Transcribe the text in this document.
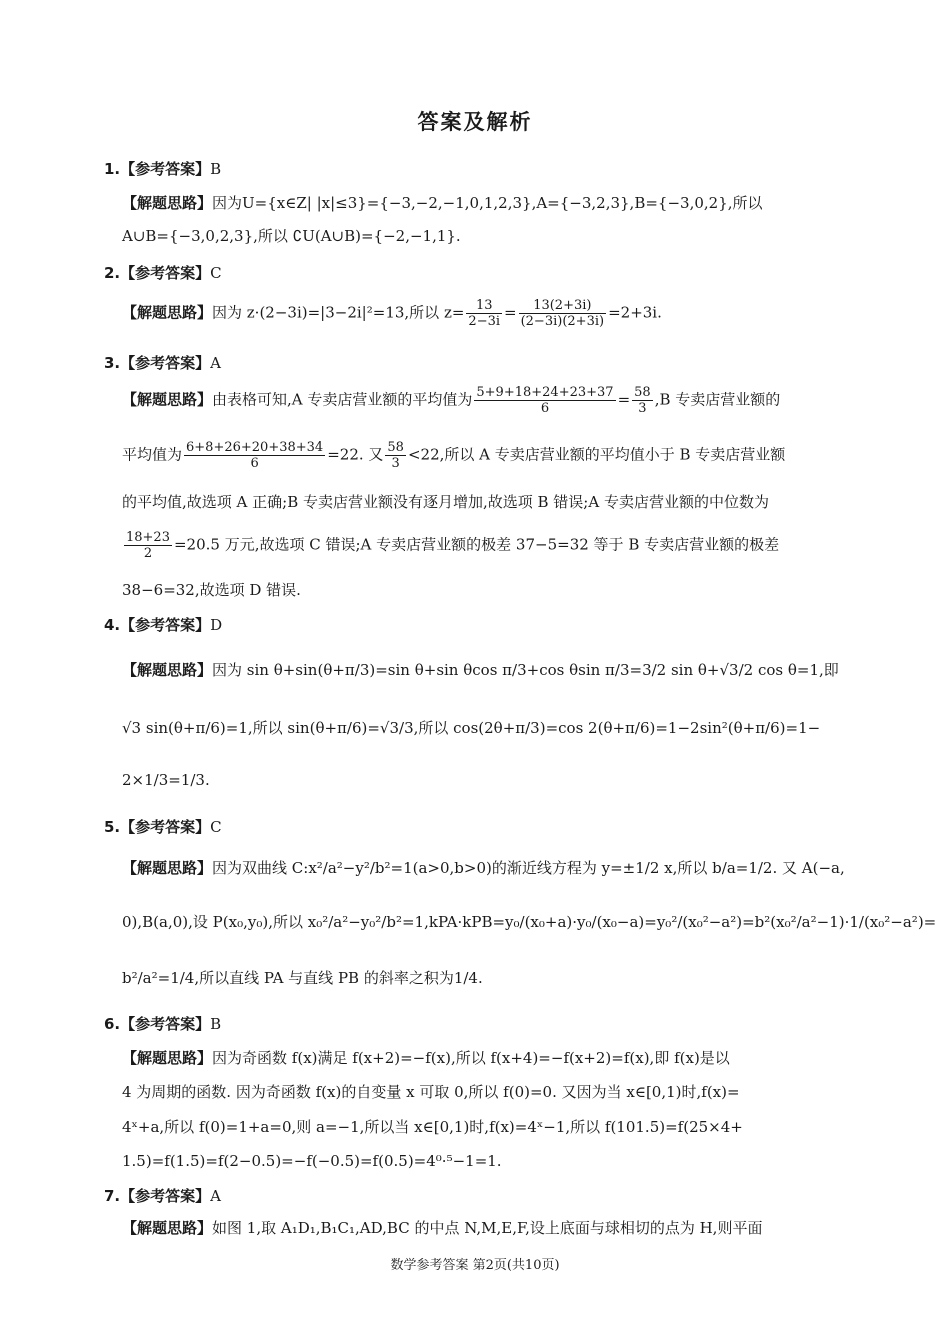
答案及解析
1.【参考答案】B
【解题思路】因为U={x∈Z| |x|≤3}={−3,−2,−1,0,1,2,3},A={−3,2,3},B={−3,0,2},所以
A∪B={−3,0,2,3},所以 ∁U(A∪B)={−2,−1,1}.
2.【参考答案】C
【解题思路】因为 z·(2−3i)=|3−2i|²=13,所以 $z= \frac{13}{2-3i} = \frac{13(2+3i)}{(2-3i)(2+3i)} =2+3i$.
3.【参考答案】A
【解题思路】由表格可知,A 专卖店营业额的平均值为 $\frac{5+9+18+24+23+37}{6} = \frac{58}{3} ,B$ 专卖店营业额的
平均值为 $\frac{6+8+26+20+38+34}{6} =22$. 又 $\frac{58}{3} <22$,所以 A 专卖店营业额的平均值小于 B 专卖店营业额
的平均值,故选项 A 正确;B 专卖店营业额没有逐月增加,故选项 B 错误;A 专卖店营业额的中位数为
$\frac{18+23}{2} =20.5$ 万元,故选项 C 错误;A 专卖店营业额的极差 37−5=32 等于 B 专卖店营业额的极差
38−6=32,故选项 D 错误.
4.【参考答案】D
【解题思路】因为 sin θ+sin(θ+π/3)=sin θ+sin θcos π/3+cos θsin π/3=3/2 sin θ+√3/2 cos θ=1,即
√3 sin(θ+π/6)=1,所以 sin(θ+π/6)=√3/3,所以 cos(2θ+π/3)=cos 2(θ+π/6)=1−2sin²(θ+π/6)=1−
2×1/3=1/3.
5.【参考答案】C
【解题思路】因为双曲线 C:x²/a²−y²/b²=1(a>0,b>0)的渐近线方程为 y=±1/2 x,所以 b/a=1/2. 又 A(−a,
0),B(a,0),设 P(x₀,y₀),所以 x₀²/a²−y₀²/b²=1,kPA·kPB=y₀/(x₀+a)·y₀/(x₀−a)=y₀²/(x₀²−a²)=b²(x₀²/a²−1)·1/(x₀²−a²)=
b²/a²=1/4,所以直线 PA 与直线 PB 的斜率之积为1/4.
6.【参考答案】B
【解题思路】因为奇函数 f(x)满足 f(x+2)=−f(x),所以 f(x+4)=−f(x+2)=f(x),即 f(x)是以
4 为周期的函数. 因为奇函数 f(x)的自变量 x 可取 0,所以 f(0)=0. 又因为当 x∈[0,1)时,f(x)=
4ˣ+a,所以 f(0)=1+a=0,则 a=−1,所以当 x∈[0,1)时,f(x)=4ˣ−1,所以 f(101.5)=f(25×4+
1.5)=f(1.5)=f(2−0.5)=−f(−0.5)=f(0.5)=4⁰·⁵−1=1.
7.【参考答案】A
【解题思路】如图 1,取 A₁D₁,B₁C₁,AD,BC 的中点 N,M,E,F,设上底面与球相切的点为 H,则平面
数学参考答案 第2页(共10页)
